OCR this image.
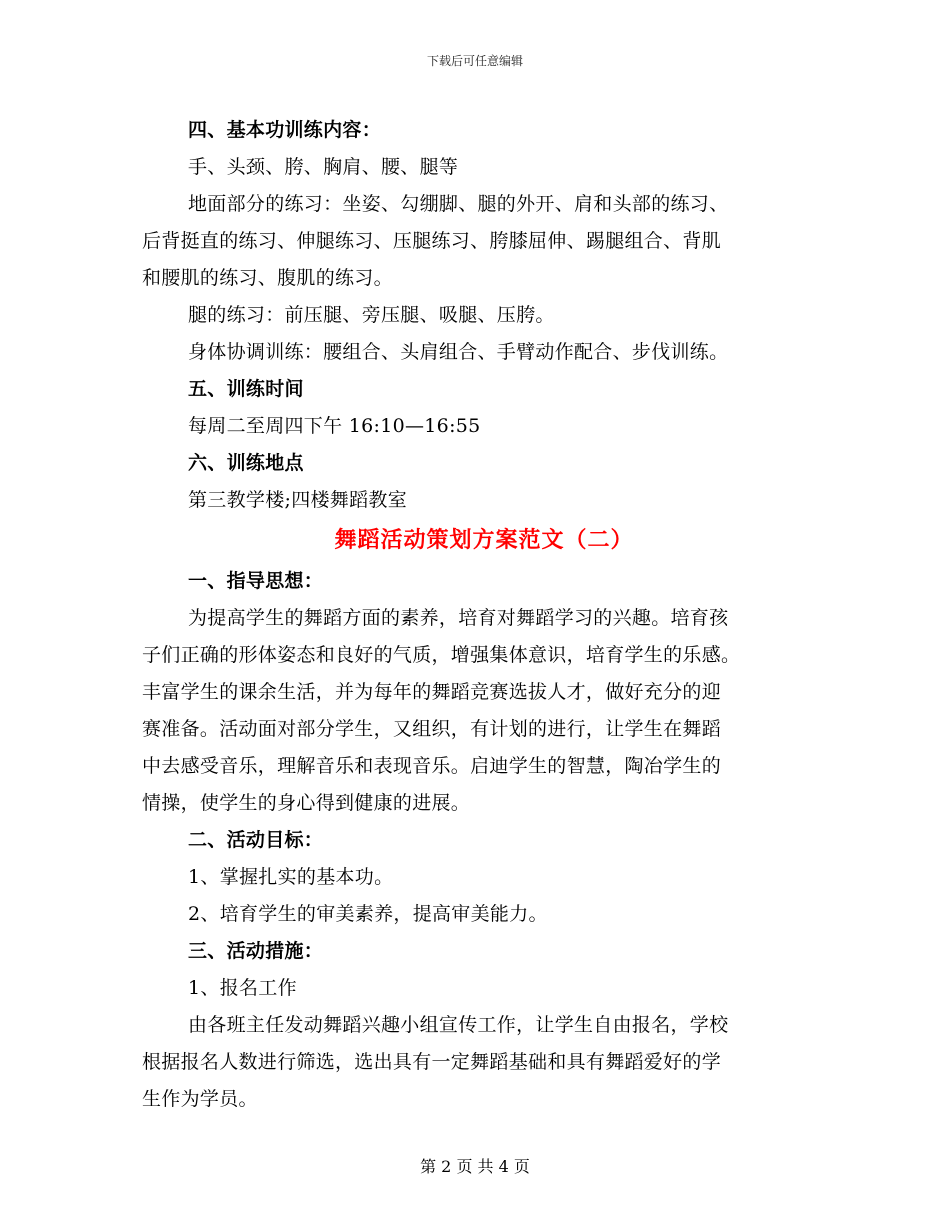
下载后可任意编辑
四、基本功训练内容：
手、头颈、胯、胸肩、腰、腿等
地面部分的练习：坐姿、勾绷脚、腿的外开、肩和头部的练习、
后背挺直的练习、伸腿练习、压腿练习、胯膝屈伸、踢腿组合、背肌
和腰肌的练习、腹肌的练习。
腿的练习：前压腿、旁压腿、吸腿、压胯。
身体协调训练：腰组合、头肩组合、手臂动作配合、步伐训练。
五、训练时间
每周二至周四下午 16:10—16:55
六、训练地点
第三教学楼;四楼舞蹈教室
舞蹈活动策划方案范文（二）
一、指导思想：
为提高学生的舞蹈方面的素养，培育对舞蹈学习的兴趣。培育孩
子们正确的形体姿态和良好的气质，增强集体意识，培育学生的乐感。
丰富学生的课余生活，并为每年的舞蹈竞赛选拔人才，做好充分的迎
赛准备。活动面对部分学生，又组织，有计划的进行，让学生在舞蹈
中去感受音乐，理解音乐和表现音乐。启迪学生的智慧，陶冶学生的
情操，使学生的身心得到健康的进展。
二、活动目标：
1、掌握扎实的基本功。
2、培育学生的审美素养，提高审美能力。
三、活动措施：
1、报名工作
由各班主任发动舞蹈兴趣小组宣传工作，让学生自由报名，学校
根据报名人数进行筛选，选出具有一定舞蹈基础和具有舞蹈爱好的学
生作为学员。
第 2 页 共 4 页
